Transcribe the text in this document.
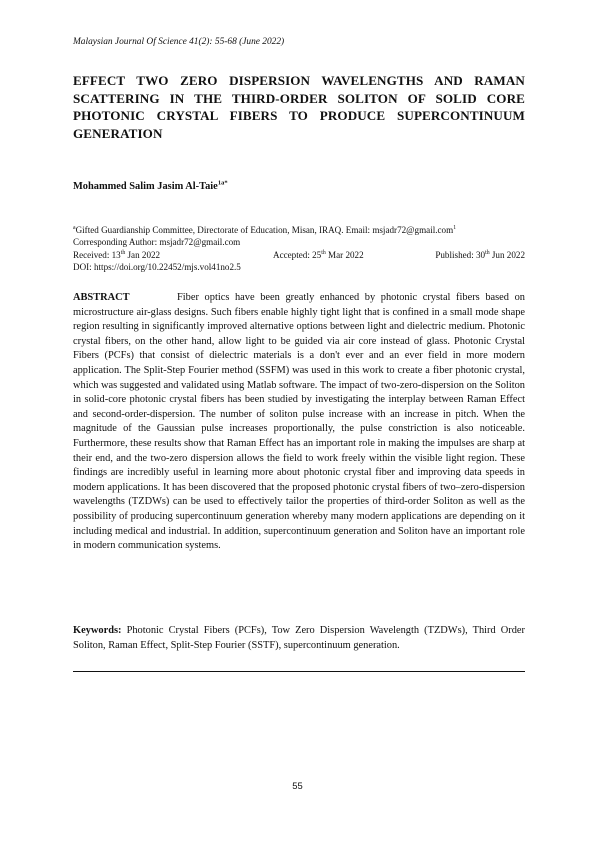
Malaysian Journal Of Science 41(2): 55-68 (June 2022)
EFFECT TWO ZERO DISPERSION WAVELENGTHS AND RAMAN SCATTERING IN THE THIRD-ORDER SOLITON OF SOLID CORE PHOTONIC CRYSTAL FIBERS TO PRODUCE SUPERCONTINUUM GENERATION
Mohammed Salim Jasim Al-Taie$^{1a*}$
$^a$Gifted Guardianship Committee, Directorate of Education, Misan, IRAQ. Email: msjadr72@gmail.com$^1$
Corresponding Author: msjadr72@gmail.com
Received: 13th Jan 2022	Accepted: 25th Mar 2022	Published: 30th Jun 2022
DOI: https://doi.org/10.22452/mjs.vol41no2.5

ABSTRACT	Fiber optics have been greatly enhanced by photonic crystal fibers based on microstructure air-glass designs. Such fibers enable highly tight light that is confined in a small mode shape region resulting in significantly improved alternative options between light and dielectric medium. Photonic crystal fibers, on the other hand, allow light to be guided via air core instead of glass. Photonic Crystal Fibers (PCFs) that consist of dielectric materials is a don't ever and an ever field in more modern application. The Split-Step Fourier method (SSFM) was used in this work to create a fiber photonic crystal, which was suggested and validated using Matlab software. The impact of two-zero-dispersion on the Soliton in solid-core photonic crystal fibers has been studied by investigating the interplay between Raman Effect and second-order-dispersion. The number of soliton pulse increase with an increase in pitch. When the magnitude of the Gaussian pulse increases proportionally, the pulse constriction is also noticeable. Furthermore, these results show that Raman Effect has an important role in making the impulses are sharp at their end, and the two-zero dispersion allows the field to work freely within the visible light region. These findings are incredibly useful in learning more about photonic crystal fiber and improving data speeds in modern applications. It has been discovered that the proposed photonic crystal fibers of two–zero-dispersion wavelengths (TZDWs) can be used to effectively tailor the properties of third-order Soliton as well as the possibility of producing supercontinuum generation whereby many modern applications are depending on it including medical and industrial. In addition, supercontinuum generation and Soliton have an important role in modern communication systems.

Keywords: Photonic Crystal Fibers (PCFs), Tow Zero Dispersion Wavelength (TZDWs), Third Order Soliton, Raman Effect, Split-Step Fourier (SSTF), supercontinuum generation.

55
